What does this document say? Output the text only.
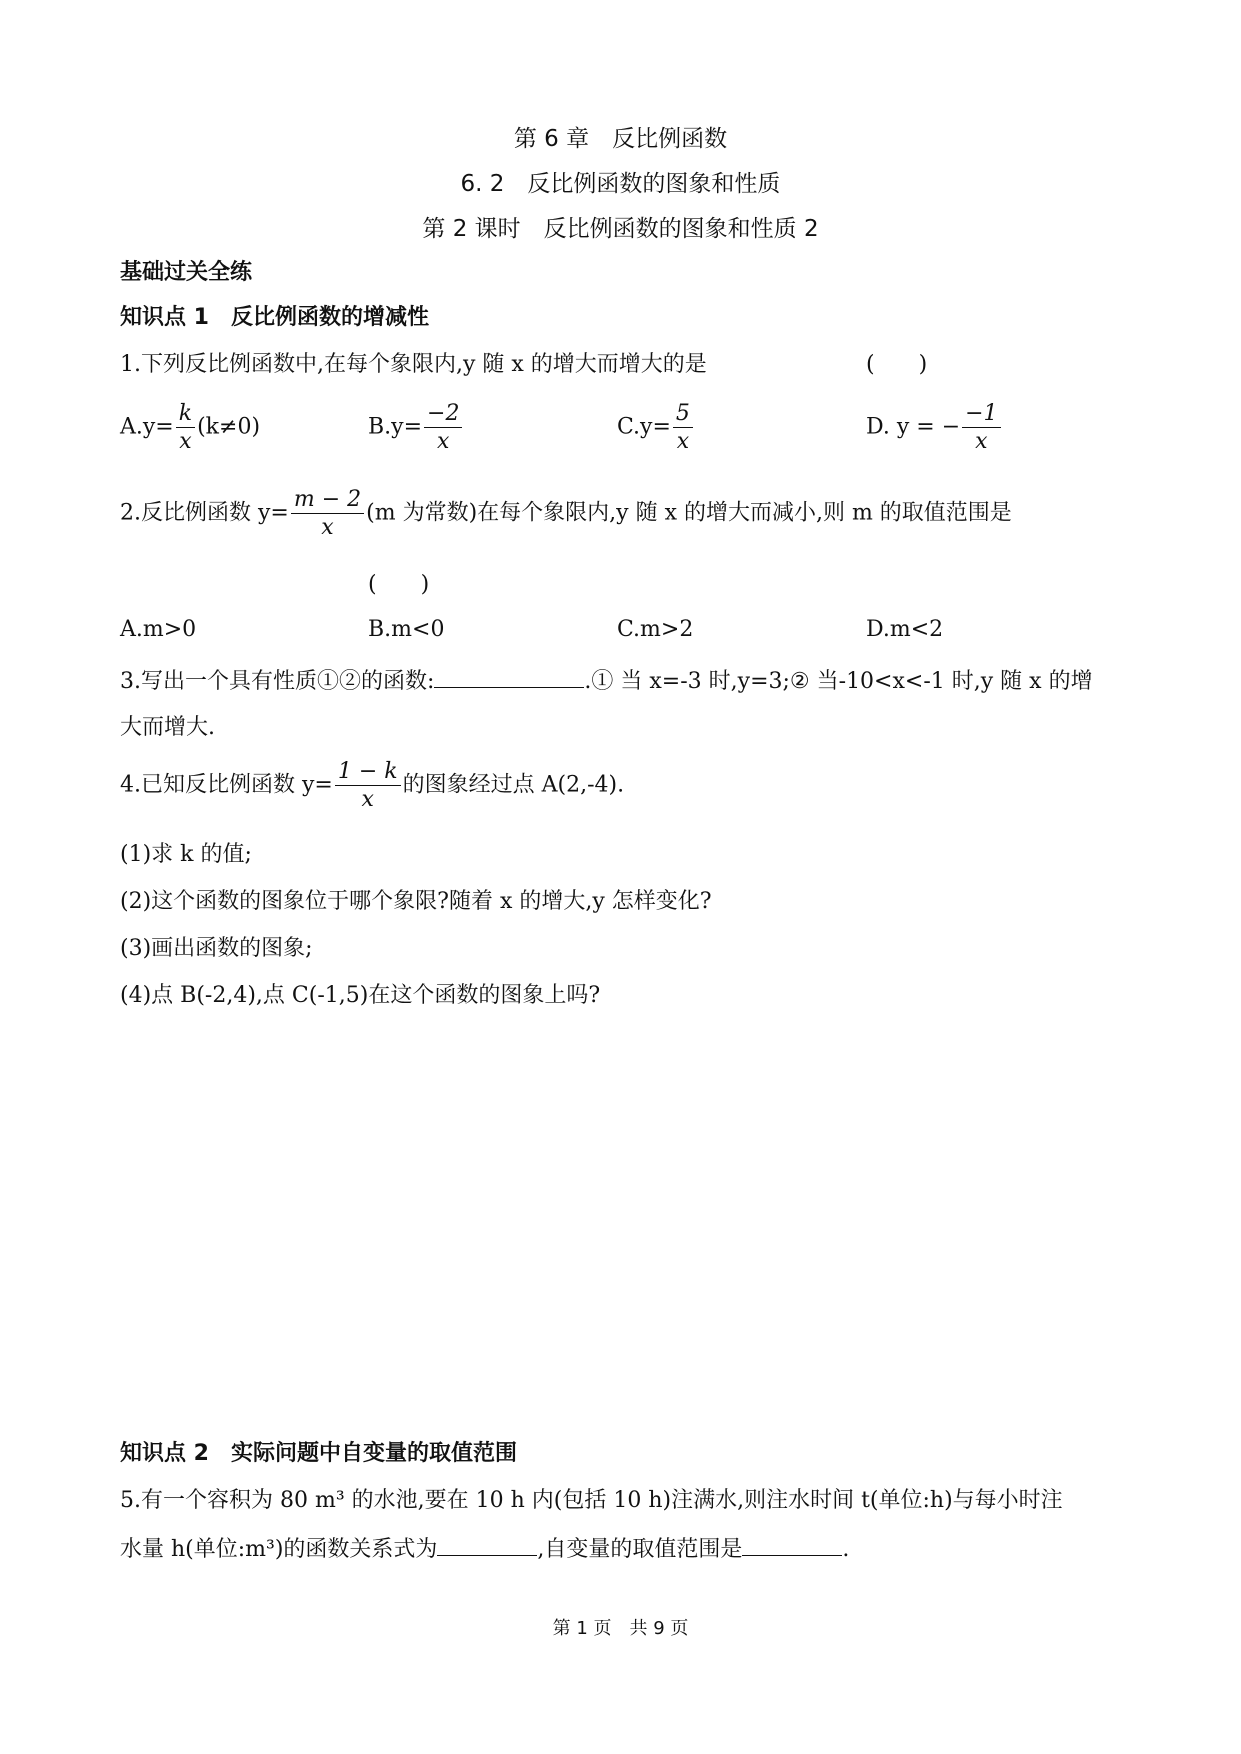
第 6 章　反比例函数
6. 2　反比例函数的图象和性质
第 2 课时　反比例函数的图象和性质 2
基础过关全练
知识点 1　反比例函数的增减性
1.下列反比例函数中,在每个象限内,y 随 x 的增大而增大的是	(　　)
$A.y= \frac{k}{x} (k\ne 0)$	$B.y= \frac{-2}{x}$	$C.y= \frac{5}{x}$	D. y = − $\frac{-1}{x}$
2.反比例函数 $y= \frac{m - 2}{x} (m$ 为常数)在每个象限内,y 随 x 的增大而减小,则 m 的取值范围是
(　　)
A.m>0	B.m<0	C.m>2	D.m<2
3.写出一个具有性质①②的函数:	.① 当 x=-3 时,y=3;② 当-10<x<-1 时,y 随 x 的增
大而增大.
4.已知反比例函数 $y= \frac{1 - k}{x}$ 的图象经过点 A(2,-4).
(1)求 k 的值;
(2)这个函数的图象位于哪个象限?随着 x 的增大,y 怎样变化?
(3)画出函数的图象;
(4)点 B(-2,4),点 C(-1,5)在这个函数的图象上吗?
知识点 2　实际问题中自变量的取值范围
5.有一个容积为 80 m³ 的水池,要在 10 h 内(包括 10 h)注满水,则注水时间 t(单位:h)与每小时注
水量 h(单位:m³)的函数关系式为	,自变量的取值范围是	.
第 1 页　共 9 页
